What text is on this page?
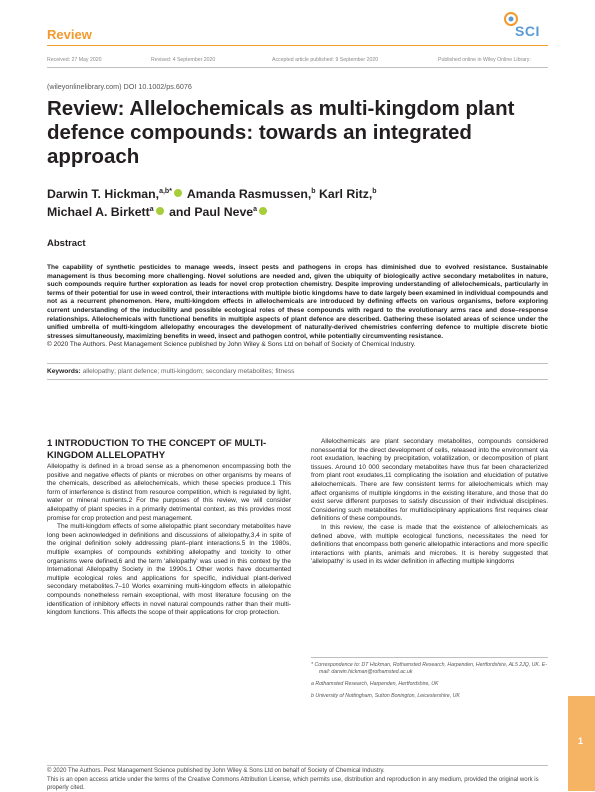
Review	SCI
Received: 27 May 2020	Revised: 4 September 2020	Accepted article published: 9 September 2020	Published online in Wiley Online Library:
(wileyonlinelibrary.com) DOI 10.1002/ps.6076
Review: Allelochemicals as multi-kingdom plant defence compounds: towards an integrated approach
Darwin T. Hickman,$^{a,b*}$ Amanda Rasmussen,$^b$ Karl Ritz,$^b$
Michael A. Birkett$^a$ and Paul Neve$^a$
Abstract
The capability of synthetic pesticides to manage weeds, insect pests and pathogens in crops has diminished due to evolved resistance. Sustainable management is thus becoming more challenging. Novel solutions are needed and, given the ubiquity of biologically active secondary metabolites in nature, such compounds require further exploration as leads for novel crop protection chemistry. Despite improving understanding of allelochemicals, particularly in terms of their potential for use in weed control, their interactions with multiple biotic kingdoms have to date largely been examined in individual compounds and not as a recurrent phenomenon. Here, multi-kingdom effects in allelochemicals are introduced by defining effects on various organisms, before exploring current understanding of the inducibility and possible ecological roles of these compounds with regard to the evolutionary arms race and dose–response relationships. Allelochemicals with functional benefits in multiple aspects of plant defence are described. Gathering these isolated areas of science under the unified umbrella of multi-kingdom allelopathy encourages the development of naturally-derived chemistries conferring defence to multiple discrete biotic stresses simultaneously, maximizing benefits in weed, insect and pathogen control, while potentially circumventing resistance.
© 2020 The Authors. Pest Management Science published by John Wiley & Sons Ltd on behalf of Society of Chemical Industry.
Keywords: allelopathy; plant defence; multi-kingdom; secondary metabolites; fitness
1 INTRODUCTION TO THE CONCEPT OF MULTI-KINGDOM ALLELOPATHY

Allelopathy is defined in a broad sense as a phenomenon encompassing both the positive and negative effects of plants or microbes on other organisms by means of the chemicals, described as allelochemicals, which these species produce.1 This form of interference is distinct from resource competition, which is regulated by light, water or mineral nutrients.2 For the purposes of this review, we will consider allelopathy of plant species in a primarily detrimental context, as this provides most promise for crop protection and pest management.

The multi-kingdom effects of some allelopathic plant secondary metabolites have long been acknowledged in definitions and discussions of allelopathy,3,4 in spite of the original definition solely addressing plant–plant interactions.5 In the 1980s, multiple examples of compounds exhibiting allelopathy and toxicity to other organisms were defined,6 and the term 'allelopathy' was used in this context by the International Allelopathy Society in the 1990s.1 Other works have documented multiple ecological roles and applications for specific, individual plant-derived secondary metabolites.7–10 Works examining multi-kingdom effects in allelopathic compounds nonetheless remain exceptional, with most literature focusing on the identification of inhibitory effects in novel natural compounds rather than their multi-kingdom functions. This affects the scope of their applications for crop protection.

Allelochemicals are plant secondary metabolites, compounds considered nonessential for the direct development of cells, released into the environment via root exudation, leaching by precipitation, volatilization, or decomposition of plant tissues. Around 10 000 secondary metabolites have thus far been characterized from plant root exudates,11 complicating the isolation and elucidation of putative allelochemicals. There are few consistent terms for allelochemicals which may affect organisms of multiple kingdoms in the existing literature, and those that do exist serve different purposes to satisfy discussion of their individual disciplines. Considering such metabolites for multidisciplinary applications first requires clear definitions of these compounds.

In this review, the case is made that the existence of allelochemicals as defined above, with multiple ecological functions, necessitates the need for definitions that encompass both generic allelopathic interactions and more specific interactions with plants, animals and microbes. It is hereby suggested that 'allelopathy' is used in its wider definition in affecting multiple kingdoms

* Correspondence to: DT Hickman, Rothamsted Research, Harpenden, Hertfordshire, AL5 2JQ, UK. E-mail: darwin.hickman@rothamsted.ac.uk
a Rothamsted Research, Harpenden, Hertfordshire, UK
b University of Nottingham, Sutton Bonington, Leicestershire, UK
1
© 2020 The Authors. Pest Management Science published by John Wiley & Sons Ltd on behalf of Society of Chemical Industry.
This is an open access article under the terms of the Creative Commons Attribution License, which permits use, distribution and reproduction in any medium, provided the original work is properly cited.
